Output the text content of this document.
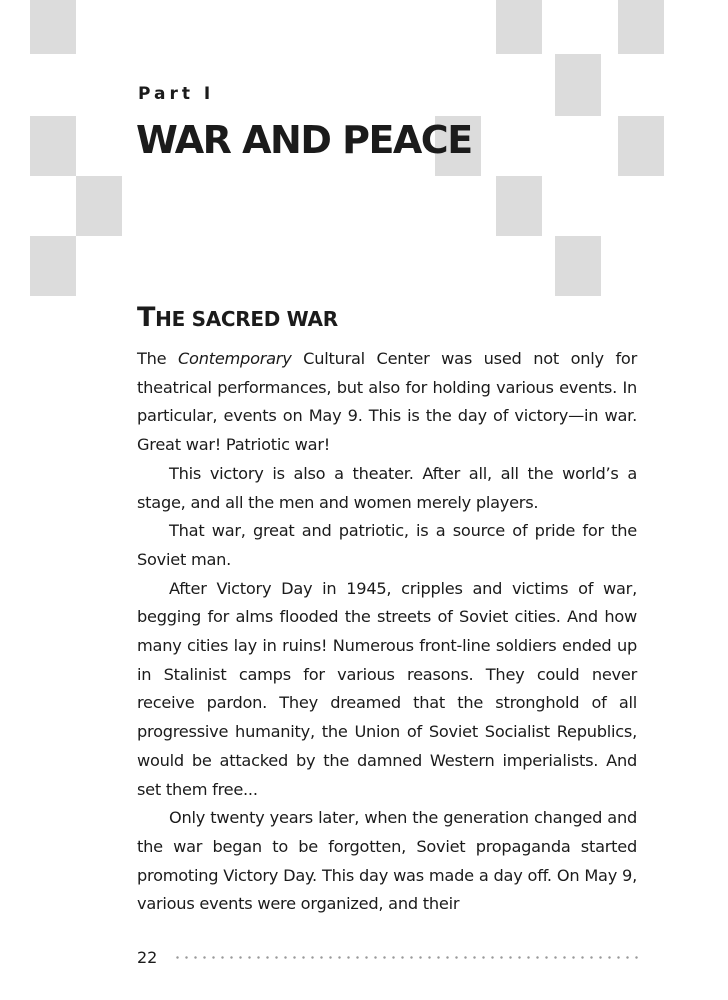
Part I
WAR AND PEACE
THE SACRED WAR

The Contemporary Cultural Center was used not only for theatrical performances, but also for holding various events. In particular, events on May 9. This is the day of victory—in war. Great war! Patriotic war!

This victory is also a theater. After all, all the world’s a stage, and all the men and women merely players.

That war, great and patriotic, is a source of pride for the Soviet man.

After Victory Day in 1945, cripples and victims of war, begging for alms flooded the streets of Soviet cities. And how many cities lay in ruins! Numerous front-line soldiers ended up in Stalinist camps for various reasons. They could never receive pardon. They dreamed that the stronghold of all progressive humanity, the Union of Soviet Socialist Republics, would be attacked by the damned Western imperialists. And set them free...

Only twenty years later, when the generation changed and the war began to be forgotten, Soviet propaganda started promoting Victory Day. This day was made a day off. On May 9, various events were organized, and their

22
